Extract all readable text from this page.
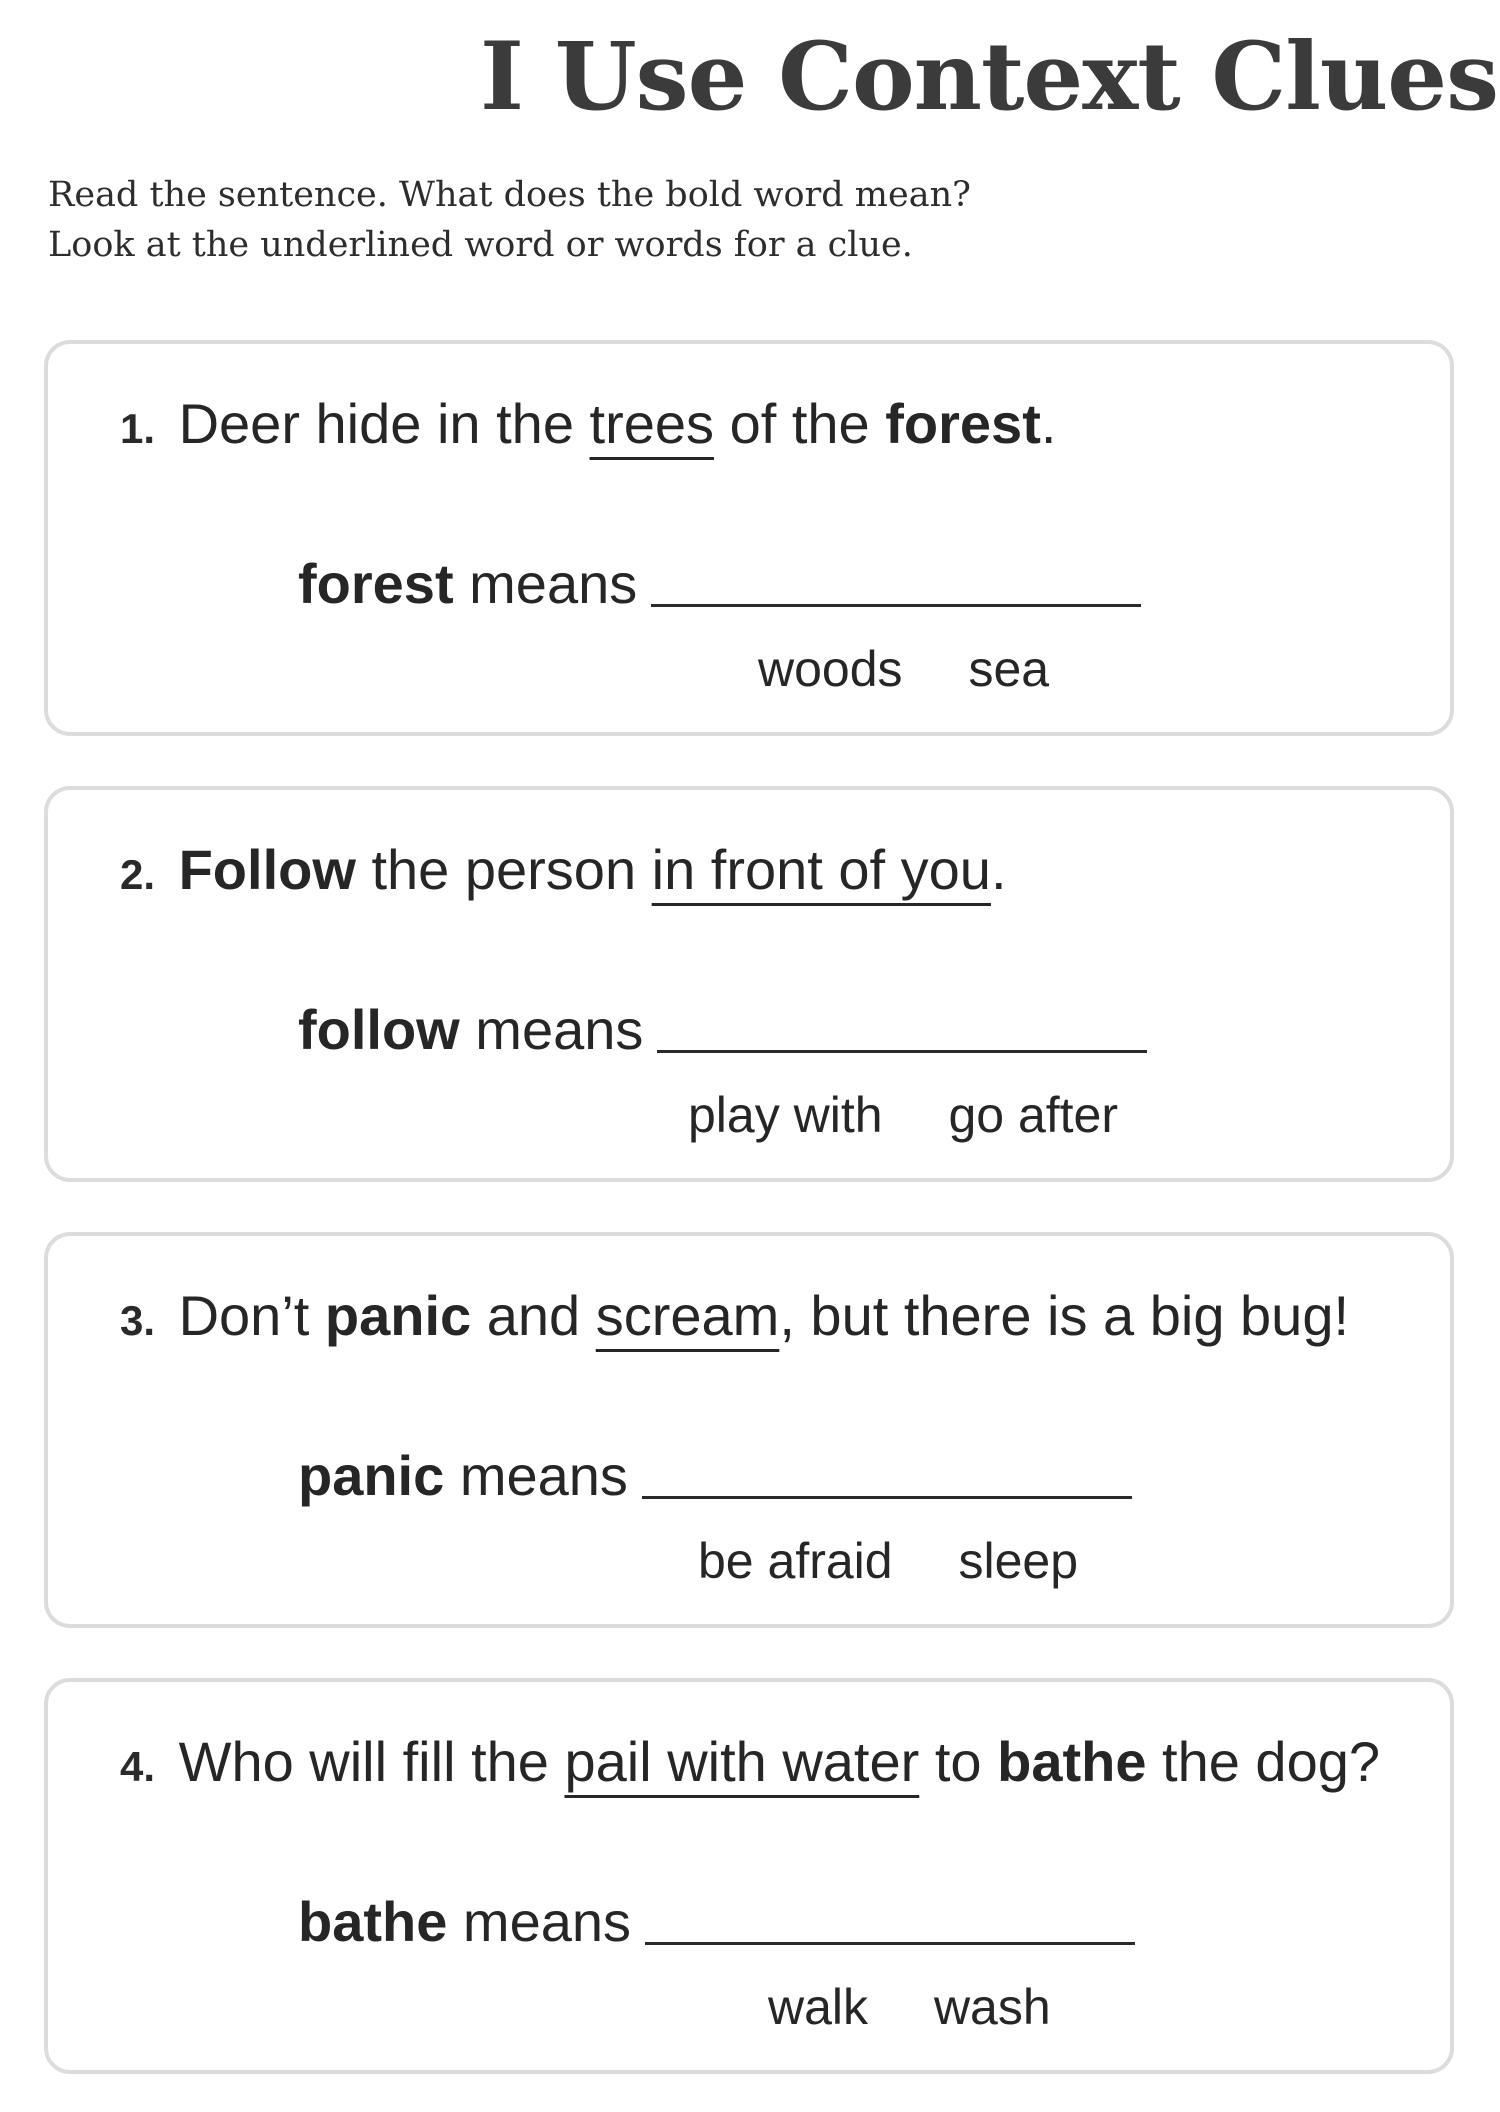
I Use Context Clues
Read the sentence. What does the bold word mean?
Look at the underlined word or words for a clue.
1. Deer hide in the trees of the forest.
forest means
woods sea
2. Follow the person in front of you.
follow means
play with go after
3. Don’t panic and scream, but there is a big bug!
panic means
be afraid sleep
4. Who will fill the pail with water to bathe the dog?
bathe means
walk wash
